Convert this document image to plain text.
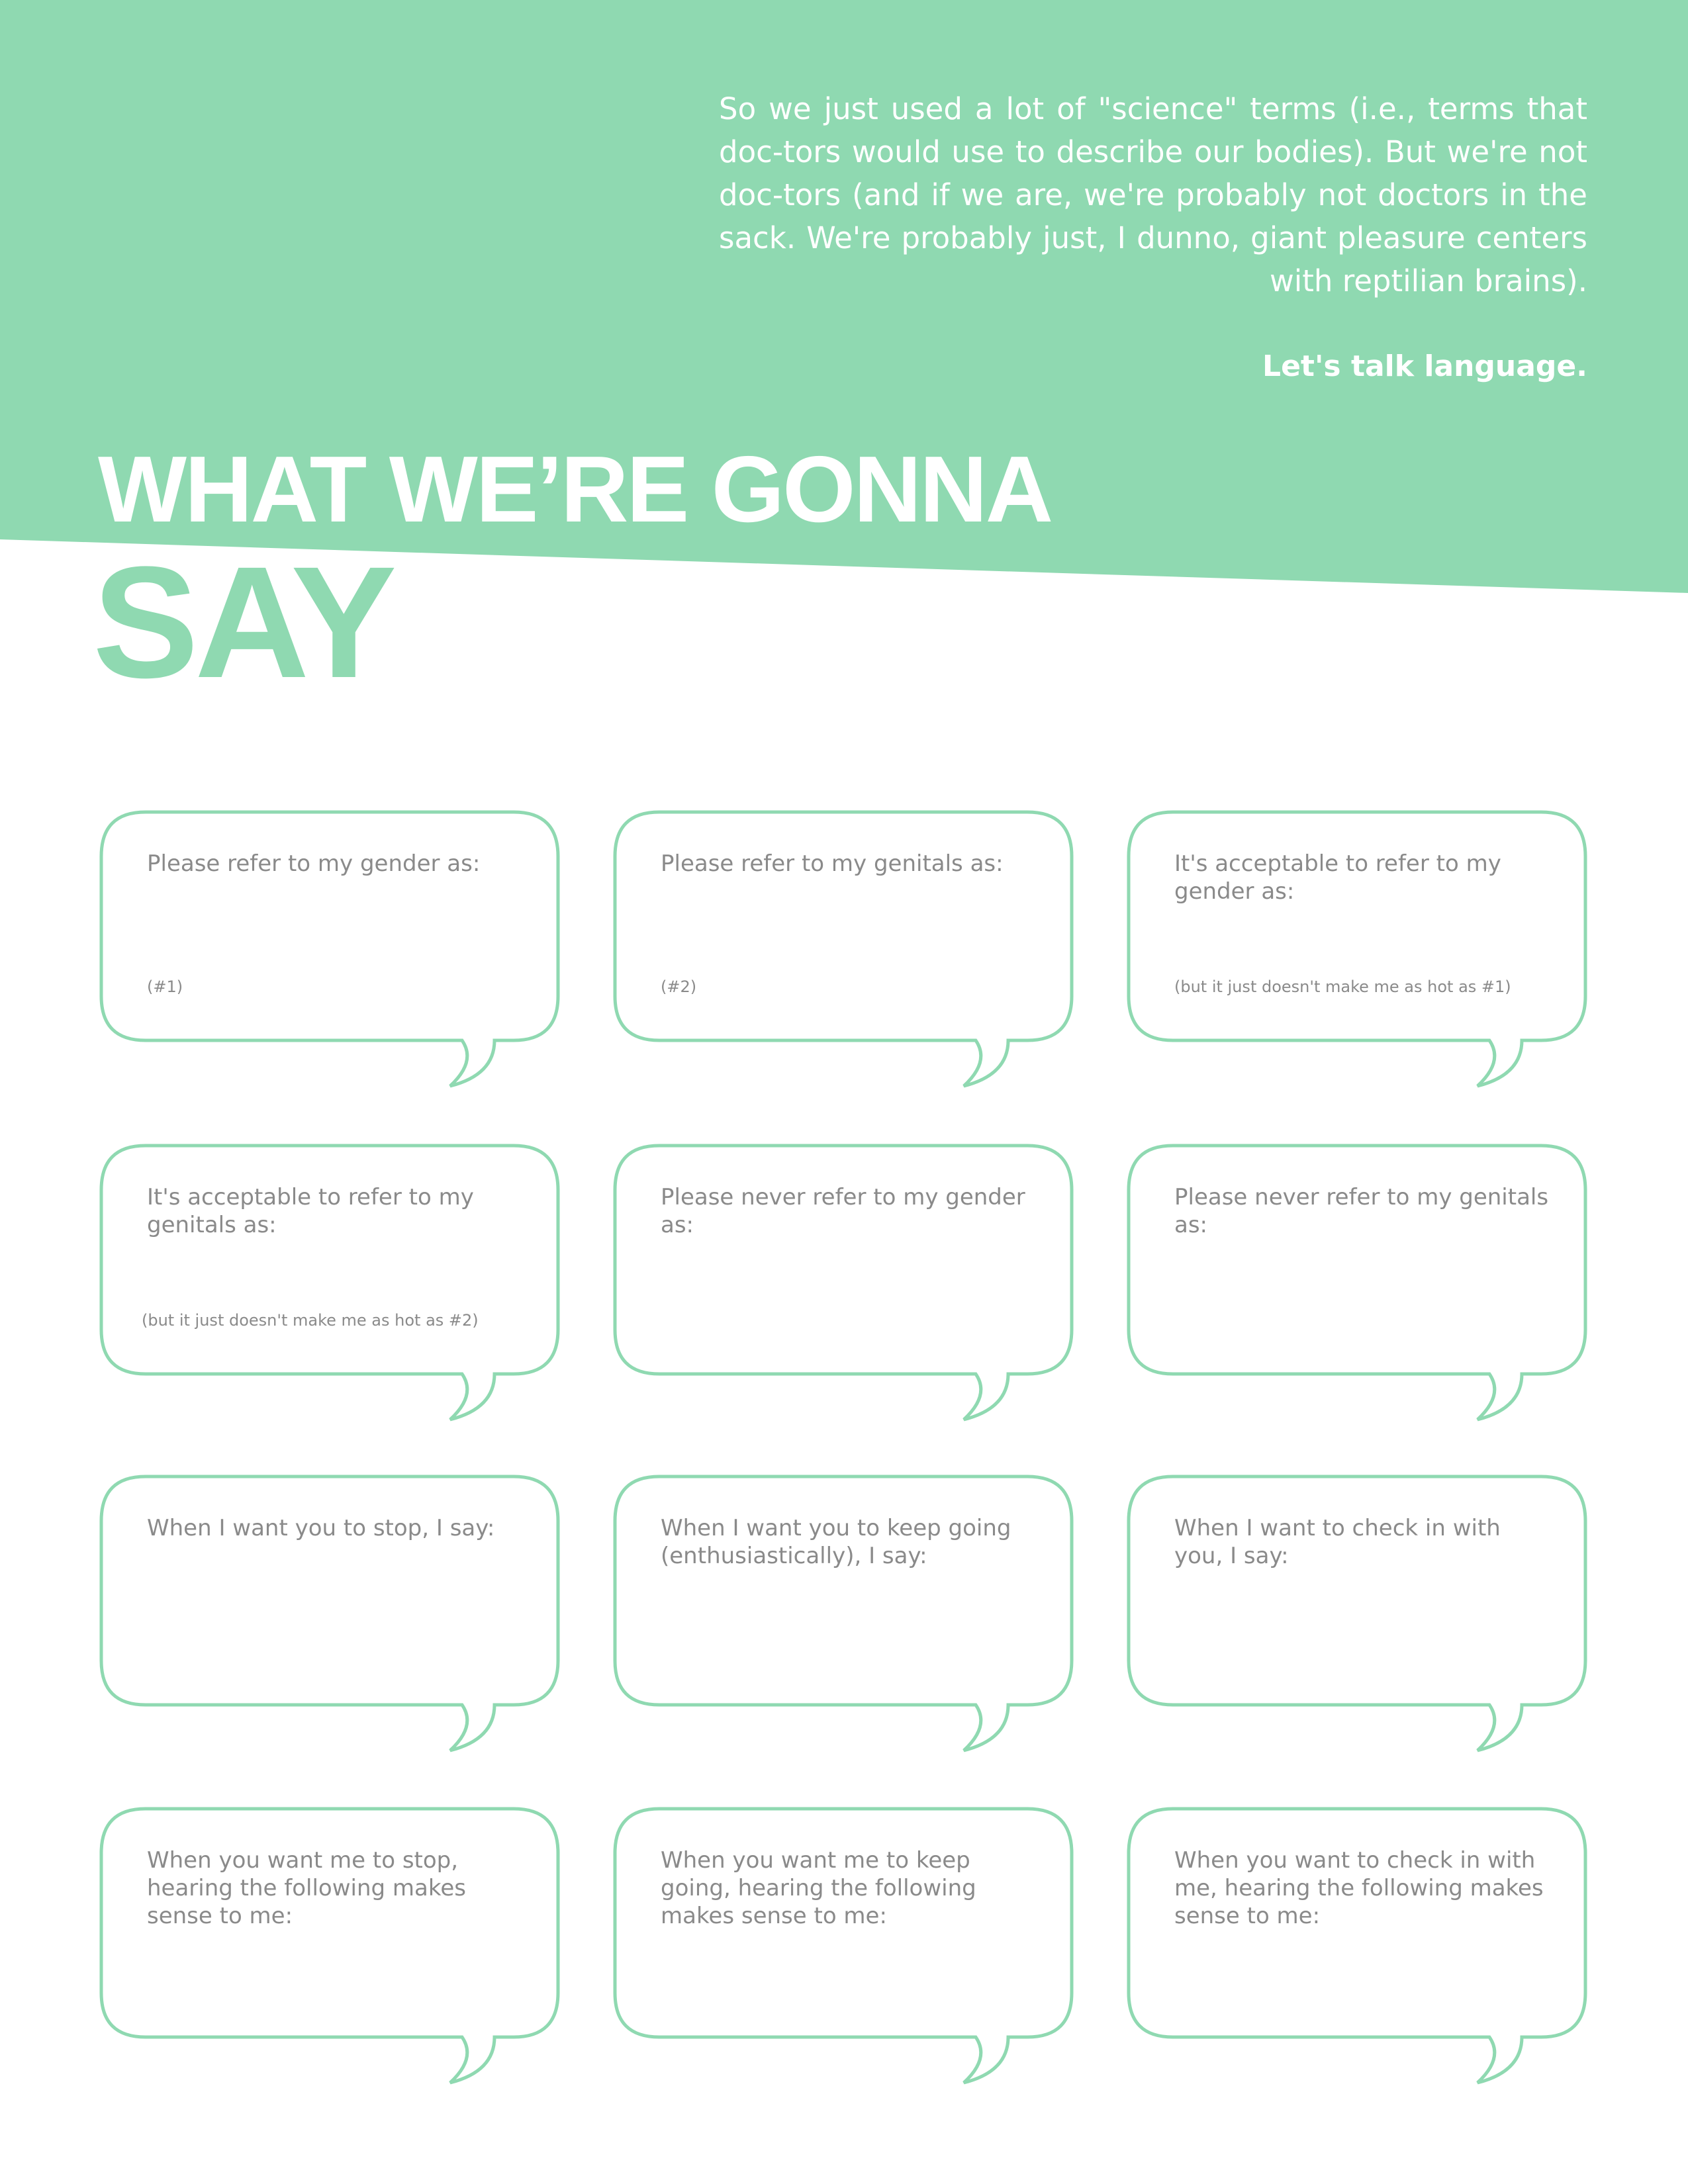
So we just used a lot of "science" terms (i.e., terms that doc-tors would use to describe our bodies). But we're not doc-tors (and if we are, we're probably not doctors in the sack. We're probably just, I dunno, giant pleasure centers with reptilian brains).
Let's talk language.
WHAT WE’RE GONNA
SAY
Please refer to my gender as:
(#1)
Please refer to my genitals as:
(#2)
It's acceptable to refer to my gender as:
(but it just doesn't make me as hot as #1)
It's acceptable to refer to my genitals as:
(but it just doesn't make me as hot as #2)
Please never refer to my gender as:
Please never refer to my genitals as:
When I want you to stop, I say:	When I want you to keep going (enthusiastically), I say:
When I want to check in with you, I say:
When you want me to stop, hearing the following makes sense to me:
When you want me to keep going, hearing the following makes sense to me:
When you want to check in with me, hearing the following makes sense to me:
